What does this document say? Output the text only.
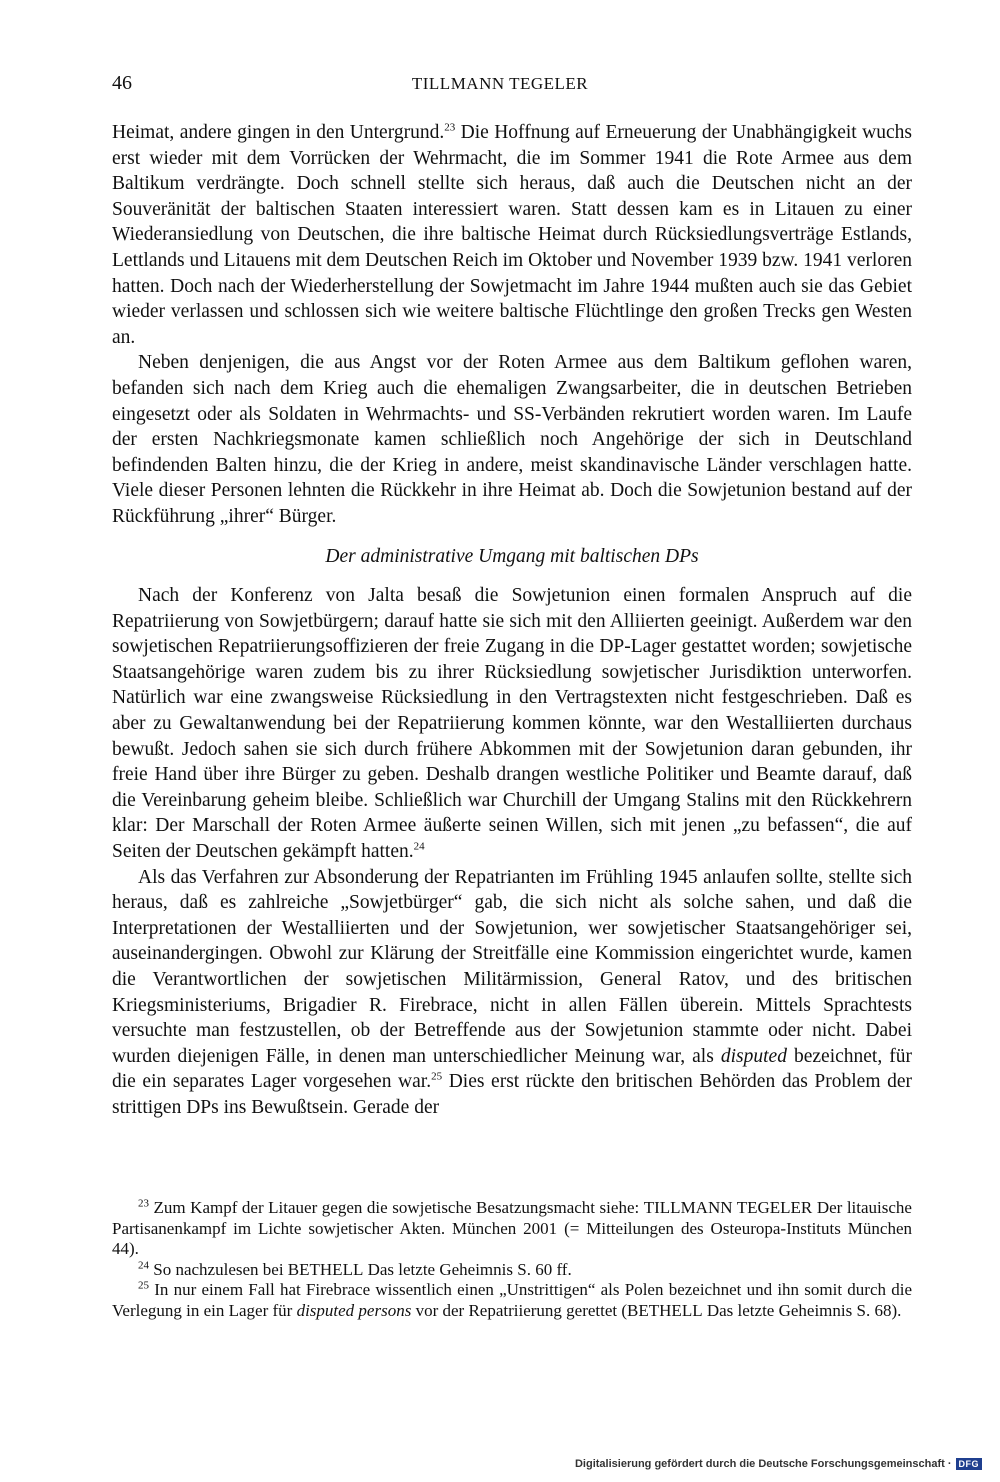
46	TILLMANN TEGELER

Heimat, andere gingen in den Untergrund.$^{23}$ Die Hoffnung auf Erneuerung der Unabhängigkeit wuchs erst wieder mit dem Vorrücken der Wehrmacht, die im Sommer 1941 die Rote Armee aus dem Baltikum verdrängte. Doch schnell stellte sich heraus, daß auch die Deutschen nicht an der Souveränität der baltischen Staaten interessiert waren. Statt dessen kam es in Litauen zu einer Wiederansiedlung von Deutschen, die ihre baltische Heimat durch Rücksiedlungsverträge Estlands, Lettlands und Litauens mit dem Deutschen Reich im Oktober und November 1939 bzw. 1941 verloren hatten. Doch nach der Wiederherstellung der Sowjetmacht im Jahre 1944 mußten auch sie das Gebiet wieder verlassen und schlossen sich wie weitere baltische Flüchtlinge den großen Trecks gen Westen an.

Neben denjenigen, die aus Angst vor der Roten Armee aus dem Baltikum geflohen waren, befanden sich nach dem Krieg auch die ehemaligen Zwangsarbeiter, die in deutschen Betrieben eingesetzt oder als Soldaten in Wehrmachts- und SS-Verbänden rekrutiert worden waren. Im Laufe der ersten Nachkriegsmonate kamen schließlich noch Angehörige der sich in Deutschland befindenden Balten hinzu, die der Krieg in andere, meist skandinavische Länder verschlagen hatte. Viele dieser Personen lehnten die Rückkehr in ihre Heimat ab. Doch die Sowjetunion bestand auf der Rückführung „ihrer“ Bürger.

Der administrative Umgang mit baltischen DPs

Nach der Konferenz von Jalta besaß die Sowjetunion einen formalen Anspruch auf die Repatriierung von Sowjetbürgern; darauf hatte sie sich mit den Alliierten geeinigt. Außerdem war den sowjetischen Repatriierungsoffizieren der freie Zugang in die DP-Lager gestattet worden; sowjetische Staatsangehörige waren zudem bis zu ihrer Rücksiedlung sowjetischer Jurisdiktion unterworfen. Natürlich war eine zwangsweise Rücksiedlung in den Vertragstexten nicht festgeschrieben. Daß es aber zu Gewaltanwendung bei der Repatriierung kommen könnte, war den Westalliierten durchaus bewußt. Jedoch sahen sie sich durch frühere Abkommen mit der Sowjetunion daran gebunden, ihr freie Hand über ihre Bürger zu geben. Deshalb drangen westliche Politiker und Beamte darauf, daß die Vereinbarung geheim bleibe. Schließlich war Churchill der Umgang Stalins mit den Rückkehrern klar: Der Marschall der Roten Armee äußerte seinen Willen, sich mit jenen „zu befassen“, die auf Seiten der Deutschen gekämpft hatten.$^{24}$

Als das Verfahren zur Absonderung der Repatrianten im Frühling 1945 anlaufen sollte, stellte sich heraus, daß es zahlreiche „Sowjetbürger“ gab, die sich nicht als solche sahen, und daß die Interpretationen der Westalliierten und der Sowjetunion, wer sowjetischer Staatsangehöriger sei, auseinandergingen. Obwohl zur Klärung der Streitfälle eine Kommission eingerichtet wurde, kamen die Verantwortlichen der sowjetischen Militärmission, General Ratov, und des britischen Kriegsministeriums, Brigadier R. Firebrace, nicht in allen Fällen überein. Mittels Sprachtests versuchte man festzustellen, ob der Betreffende aus der Sowjetunion stammte oder nicht. Dabei wurden diejenigen Fälle, in denen man unterschiedlicher Meinung war, als disputed bezeichnet, für die ein separates Lager vorgesehen war.$^{25}$ Dies erst rückte den britischen Behörden das Problem der strittigen DPs ins Bewußtsein. Gerade der

$^{23}$ Zum Kampf der Litauer gegen die sowjetische Besatzungsmacht siehe: TILLMANN TEGELER Der litauische Partisanenkampf im Lichte sowjetischer Akten. München 2001 (= Mitteilungen des Osteuropa-Instituts München 44).

$^{24}$ So nachzulesen bei BETHELL Das letzte Geheimnis S. 60 ff.

$^{25}$ In nur einem Fall hat Firebrace wissentlich einen „Unstrittigen“ als Polen bezeichnet und ihn somit durch die Verlegung in ein Lager für disputed persons vor der Repatriierung gerettet (BETHELL Das letzte Geheimnis S. 68).

Digitalisierung gefördert durch die Deutsche Forschungsgemeinschaft · DFG
